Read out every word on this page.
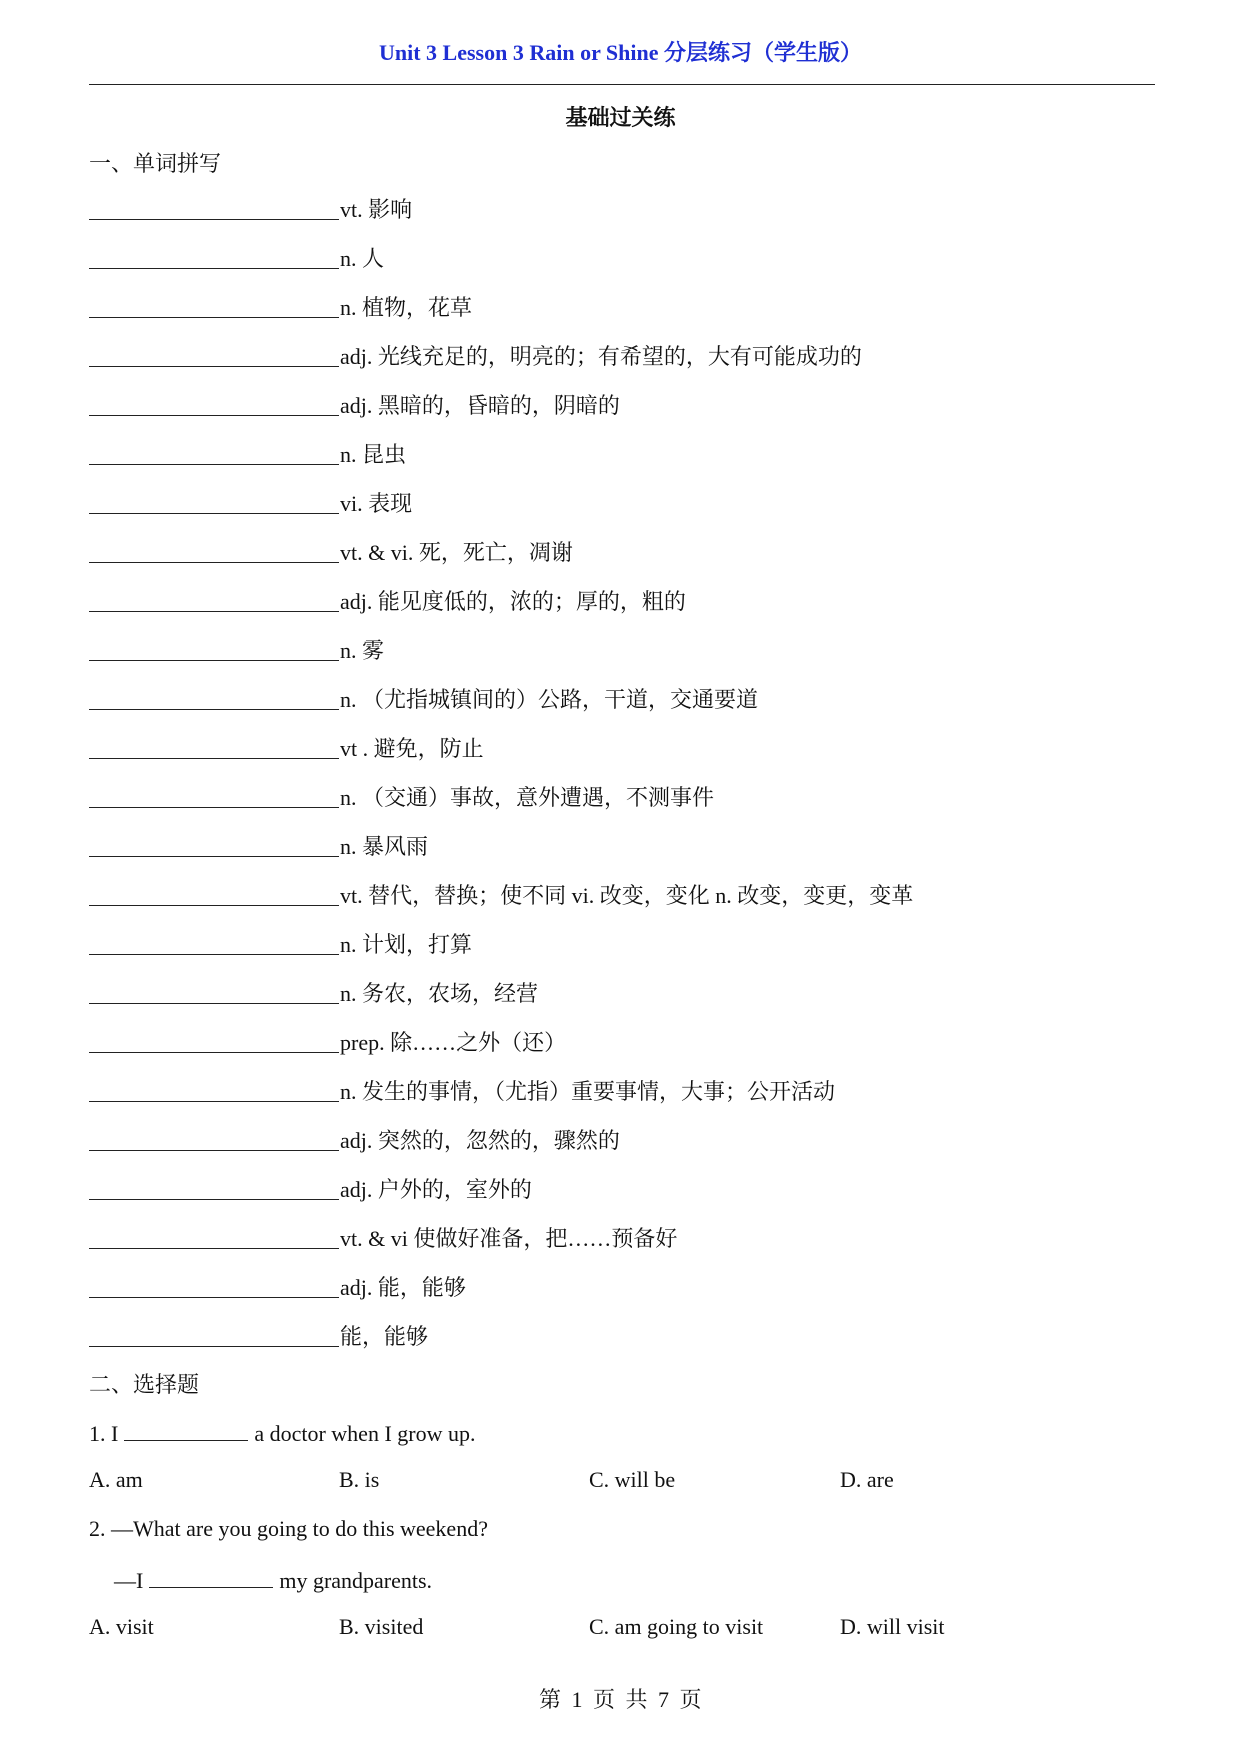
Unit 3 Lesson 3 Rain or Shine 分层练习（学生版）
基础过关练
一、单词拼写
vt. 影响
n. 人
n. 植物，花草
adj. 光线充足的，明亮的；有希望的，大有可能成功的
adj. 黑暗的，昏暗的，阴暗的
n. 昆虫
vi. 表现
vt. & vi. 死，死亡，凋谢
adj. 能见度低的，浓的；厚的，粗的
n. 雾
n. （尤指城镇间的）公路，干道，交通要道
vt . 避免，防止
n. （交通）事故，意外遭遇，不测事件
n. 暴风雨
vt. 替代，替换；使不同 vi. 改变，变化 n. 改变，变更，变革
n. 计划，打算
n. 务农，农场，经营
prep. 除……之外（还）
n. 发生的事情，（尤指）重要事情，大事；公开活动
adj. 突然的，忽然的，骤然的
adj. 户外的，室外的
vt. & vi 使做好准备，把……预备好
adj. 能，能够
能，能够
二、选择题
1. I	a doctor when I grow up.
A. am	B. is	C. will be	D. are
2. —What are you going to do this weekend?
—I	my grandparents.
A. visit	B. visited	C. am going to visit	D. will visit
第 1 页 共 7 页
